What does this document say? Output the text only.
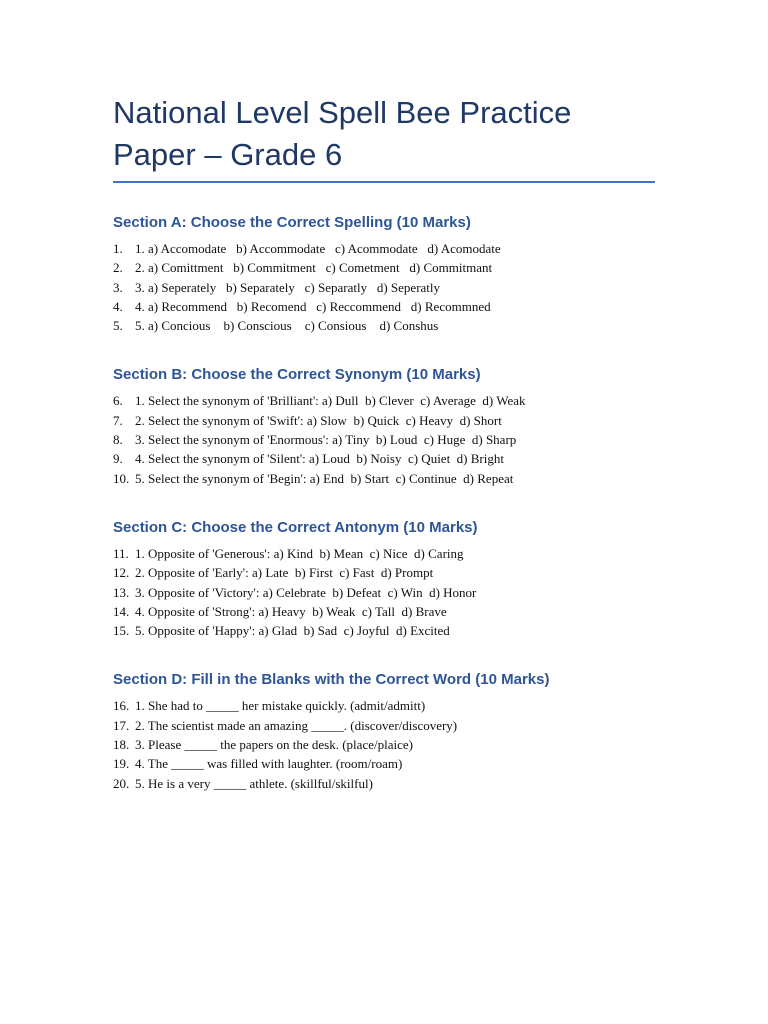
National Level Spell Bee Practice Paper – Grade 6
Section A: Choose the Correct Spelling (10 Marks)
1. 1. a) Accomodate   b) Accommodate   c) Acommodate   d) Acomodate
2. 2. a) Comittment   b) Commitment   c) Cometment   d) Commitmant
3. 3. a) Seperately   b) Separately   c) Separatly   d) Seperatly
4. 4. a) Recommend   b) Recomend   c) Reccommend   d) Recommned
5. 5. a) Concious    b) Conscious    c) Consious    d) Conshus
Section B: Choose the Correct Synonym (10 Marks)
6. 1. Select the synonym of 'Brilliant': a) Dull  b) Clever  c) Average  d) Weak
7. 2. Select the synonym of 'Swift': a) Slow  b) Quick  c) Heavy  d) Short
8. 3. Select the synonym of 'Enormous': a) Tiny  b) Loud  c) Huge  d) Sharp
9. 4. Select the synonym of 'Silent': a) Loud  b) Noisy  c) Quiet  d) Bright
10. 5. Select the synonym of 'Begin': a) End  b) Start  c) Continue  d) Repeat
Section C: Choose the Correct Antonym (10 Marks)
11. 1. Opposite of 'Generous': a) Kind  b) Mean  c) Nice  d) Caring
12. 2. Opposite of 'Early': a) Late  b) First  c) Fast  d) Prompt
13. 3. Opposite of 'Victory': a) Celebrate  b) Defeat  c) Win  d) Honor
14. 4. Opposite of 'Strong': a) Heavy  b) Weak  c) Tall  d) Brave
15. 5. Opposite of 'Happy': a) Glad  b) Sad  c) Joyful  d) Excited
Section D: Fill in the Blanks with the Correct Word (10 Marks)
16. 1. She had to _____ her mistake quickly. (admit/admitt)
17. 2. The scientist made an amazing _____. (discover/discovery)
18. 3. Please _____ the papers on the desk. (place/plaice)
19. 4. The _____ was filled with laughter. (room/roam)
20. 5. He is a very _____ athlete. (skillful/skilful)
